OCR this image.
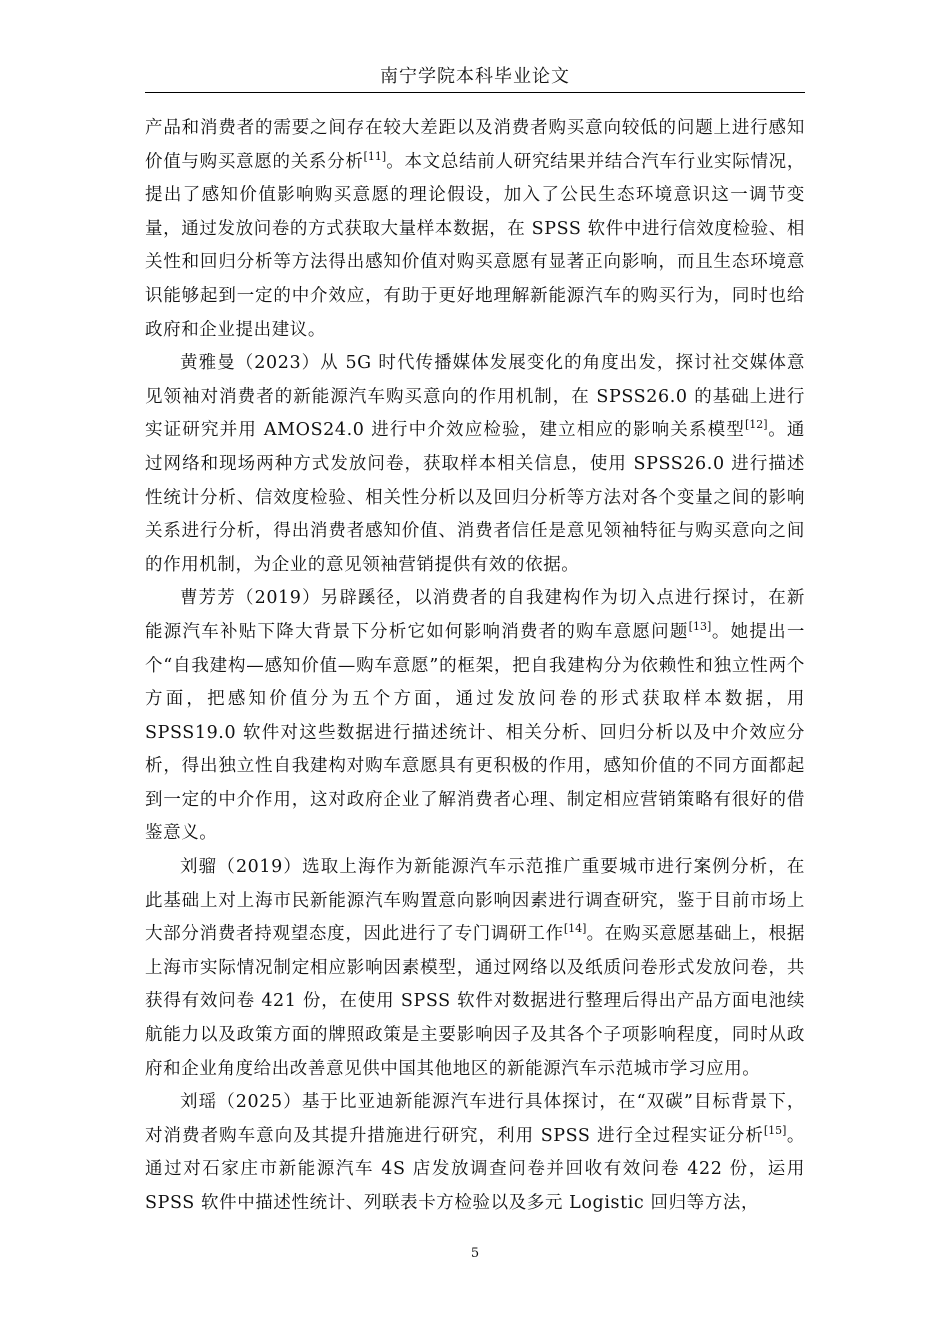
南宁学院本科毕业论文

产品和消费者的需要之间存在较大差距以及消费者购买意向较低的问题上进行感知价值与购买意愿的关系分析[11]。本文总结前人研究结果并结合汽车行业实际情况，提出了感知价值影响购买意愿的理论假设，加入了公民生态环境意识这一调节变量，通过发放问卷的方式获取大量样本数据，在 SPSS 软件中进行信效度检验、相关性和回归分析等方法得出感知价值对购买意愿有显著正向影响，而且生态环境意识能够起到一定的中介效应，有助于更好地理解新能源汽车的购买行为，同时也给政府和企业提出建议。

黄雅曼（2023）从 5G 时代传播媒体发展变化的角度出发，探讨社交媒体意见领袖对消费者的新能源汽车购买意向的作用机制，在 SPSS26.0 的基础上进行实证研究并用 AMOS24.0 进行中介效应检验，建立相应的影响关系模型[12]。通过网络和现场两种方式发放问卷，获取样本相关信息，使用 SPSS26.0 进行描述性统计分析、信效度检验、相关性分析以及回归分析等方法对各个变量之间的影响关系进行分析，得出消费者感知价值、消费者信任是意见领袖特征与购买意向之间的作用机制，为企业的意见领袖营销提供有效的依据。

曹芳芳（2019）另辟蹊径，以消费者的自我建构作为切入点进行探讨，在新能源汽车补贴下降大背景下分析它如何影响消费者的购车意愿问题[13]。她提出一个“自我建构—感知价值—购车意愿”的框架，把自我建构分为依赖性和独立性两个方面，把感知价值分为五个方面，通过发放问卷的形式获取样本数据，用 SPSS19.0 软件对这些数据进行描述统计、相关分析、回归分析以及中介效应分析，得出独立性自我建构对购车意愿具有更积极的作用，感知价值的不同方面都起到一定的中介作用，这对政府企业了解消费者心理、制定相应营销策略有很好的借鉴意义。

刘骝（2019）选取上海作为新能源汽车示范推广重要城市进行案例分析，在此基础上对上海市民新能源汽车购置意向影响因素进行调查研究，鉴于目前市场上大部分消费者持观望态度，因此进行了专门调研工作[14]。在购买意愿基础上，根据上海市实际情况制定相应影响因素模型，通过网络以及纸质问卷形式发放问卷，共获得有效问卷 421 份，在使用 SPSS 软件对数据进行整理后得出产品方面电池续航能力以及政策方面的牌照政策是主要影响因子及其各个子项影响程度，同时从政府和企业角度给出改善意见供中国其他地区的新能源汽车示范城市学习应用。

刘瑶（2025）基于比亚迪新能源汽车进行具体探讨，在“双碳”目标背景下，对消费者购车意向及其提升措施进行研究，利用 SPSS 进行全过程实证分析[15]。通过对石家庄市新能源汽车 4S 店发放调查问卷并回收有效问卷 422 份，运用 SPSS 软件中描述性统计、列联表卡方检验以及多元 Logistic 回归等方法，

5
